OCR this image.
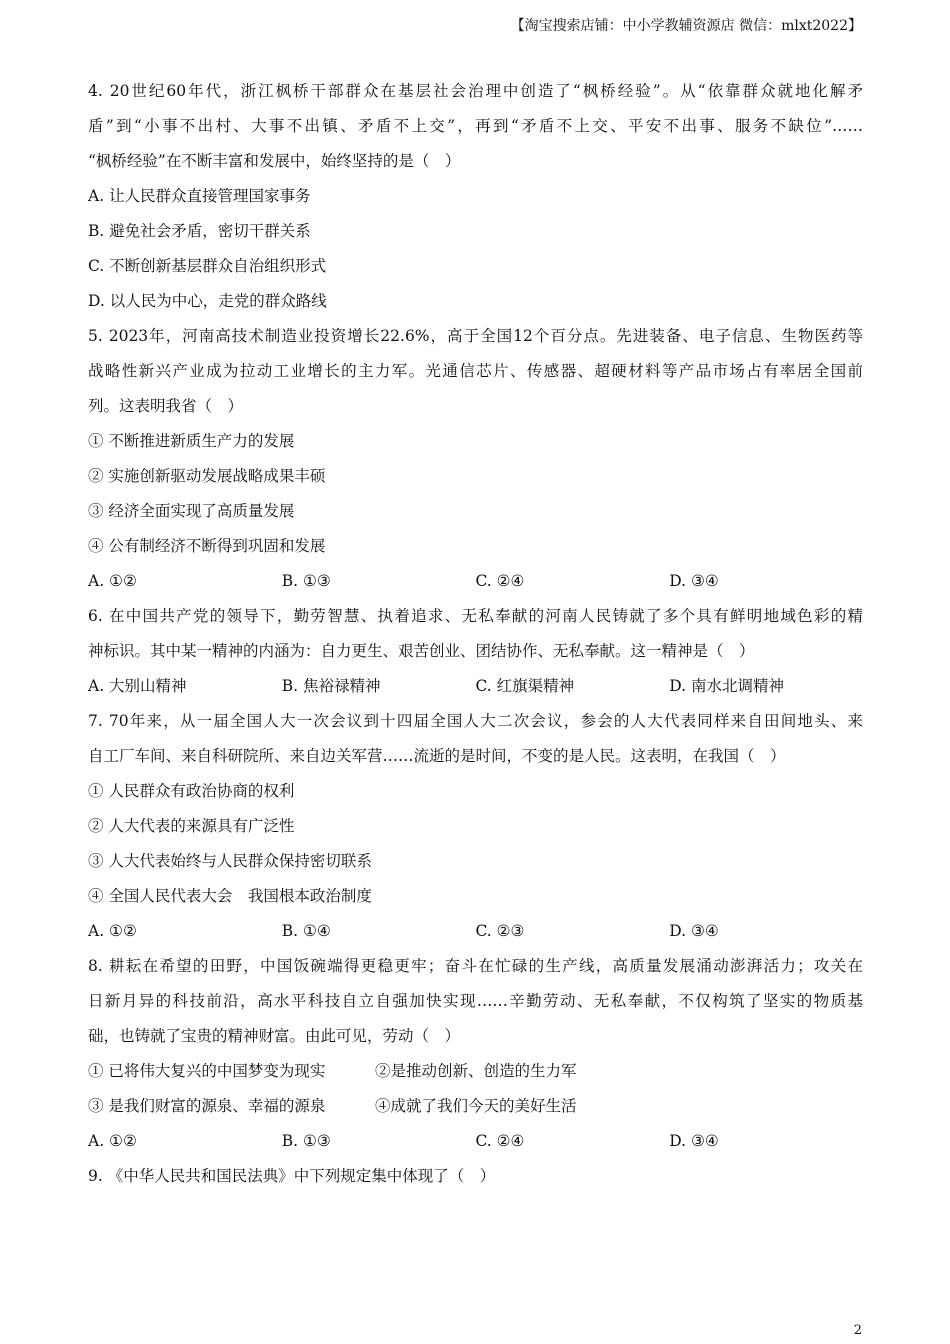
【淘宝搜索店铺：中小学教辅资源店 微信：mlxt2022】
4. 20世纪60年代，浙江枫桥干部群众在基层社会治理中创造了“枫桥经验”。从“依靠群众就地化解矛
盾”到“小事不出村、大事不出镇、矛盾不上交”，再到“矛盾不上交、平安不出事、服务不缺位”……
“枫桥经验”在不断丰富和发展中，始终坚持的是（　）
A. 让人民群众直接管理国家事务
B. 避免社会矛盾，密切干群关系
C. 不断创新基层群众自治组织形式
D. 以人民为中心，走党的群众路线
5. 2023年，河南高技术制造业投资增长22.6%，高于全国12个百分点。先进装备、电子信息、生物医药等
战略性新兴产业成为拉动工业增长的主力军。光通信芯片、传感器、超硬材料等产品市场占有率居全国前
列。这表明我省（　）
① 不断推进新质生产力的发展
② 实施创新驱动发展战略成果丰硕
③ 经济全面实现了高质量发展
④ 公有制经济不断得到巩固和发展
A. ①②	B. ①③	C. ②④	D. ③④
6. 在中国共产党的领导下，勤劳智慧、执着追求、无私奉献的河南人民铸就了多个具有鲜明地域色彩的精
神标识。其中某一精神的内涵为：自力更生、艰苦创业、团结协作、无私奉献。这一精神是（　）
A. 大别山精神	B. 焦裕禄精神	C. 红旗渠精神	D. 南水北调精神
7. 70年来，从一届全国人大一次会议到十四届全国人大二次会议，参会的人大代表同样来自田间地头、来
自工厂车间、来自科研院所、来自边关军营……流逝的是时间，不变的是人民。这表明，在我国（　）
① 人民群众有政治协商的权利
② 人大代表的来源具有广泛性
③ 人大代表始终与人民群众保持密切联系
④ 全国人民代表大会　我国根本政治制度
A. ①②	B. ①④	C. ②③	D. ③④
8. 耕耘在希望的田野，中国饭碗端得更稳更牢；奋斗在忙碌的生产线，高质量发展涌动澎湃活力；攻关在
日新月异的科技前沿，高水平科技自立自强加快实现……辛勤劳动、无私奉献，不仅构筑了坚实的物质基
础，也铸就了宝贵的精神财富。由此可见，劳动（　）
① 已将伟大复兴的中国梦变为现实	②是推动创新、创造的生力军
③ 是我们财富的源泉、幸福的源泉	④成就了我们今天的美好生活
A. ①②	B. ①③	C. ②④	D. ③④
9. 《中华人民共和国民法典》中下列规定集中体现了（　）
2
